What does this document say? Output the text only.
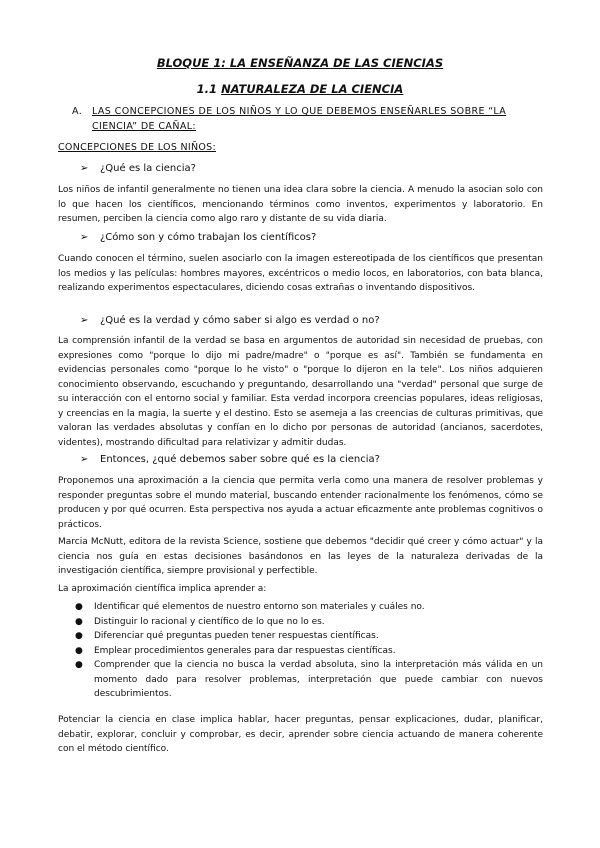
BLOQUE 1: LA ENSEÑANZA DE LAS CIENCIAS
1.1 NATURALEZA DE LA CIENCIA
A.	LAS CONCEPCIONES DE LOS NIÑOS Y LO QUE DEBEMOS ENSEÑARLES SOBRE “LA CIENCIA” DE CAÑAL:
CONCEPCIONES DE LOS NIÑOS:
➢ ¿Qué es la ciencia?
Los niños de infantil generalmente no tienen una idea clara sobre la ciencia. A menudo la asocian solo con lo que hacen los científicos, mencionando términos como inventos, experimentos y laboratorio. En resumen, perciben la ciencia como algo raro y distante de su vida diaria.
➢ ¿Cómo son y cómo trabajan los científicos?
Cuando conocen el término, suelen asociarlo con la imagen estereotipada de los científicos que presentan los medios y las películas: hombres mayores, excéntricos o medio locos, en laboratorios, con bata blanca, realizando experimentos espectaculares, diciendo cosas extrañas o inventando dispositivos.
➢ ¿Qué es la verdad y cómo saber si algo es verdad o no?
La comprensión infantil de la verdad se basa en argumentos de autoridad sin necesidad de pruebas, con expresiones como "porque lo dijo mi padre/madre" o "porque es así". También se fundamenta en evidencias personales como "porque lo he visto" o "porque lo dijeron en la tele". Los niños adquieren conocimiento observando, escuchando y preguntando, desarrollando una "verdad" personal que surge de su interacción con el entorno social y familiar. Esta verdad incorpora creencias populares, ideas religiosas, y creencias en la magia, la suerte y el destino. Esto se asemeja a las creencias de culturas primitivas, que valoran las verdades absolutas y confían en lo dicho por personas de autoridad (ancianos, sacerdotes, videntes), mostrando dificultad para relativizar y admitir dudas.
➢ Entonces, ¿qué debemos saber sobre qué es la ciencia?
Proponemos una aproximación a la ciencia que permita verla como una manera de resolver problemas y responder preguntas sobre el mundo material, buscando entender racionalmente los fenómenos, cómo se producen y por qué ocurren. Esta perspectiva nos ayuda a actuar eficazmente ante problemas cognitivos o prácticos.
Marcia McNutt, editora de la revista Science, sostiene que debemos "decidir qué creer y cómo actuar" y la ciencia nos guía en estas decisiones basándonos en las leyes de la naturaleza derivadas de la investigación científica, siempre provisional y perfectible.
La aproximación científica implica aprender a:
● Identificar qué elementos de nuestro entorno son materiales y cuáles no.
● Distinguir lo racional y científico de lo que no lo es.
● Diferenciar qué preguntas pueden tener respuestas científicas.
● Emplear procedimientos generales para dar respuestas científicas.
● Comprender que la ciencia no busca la verdad absoluta, sino la interpretación más válida en un momento dado para resolver problemas, interpretación que puede cambiar con nuevos descubrimientos.
Potenciar la ciencia en clase implica hablar, hacer preguntas, pensar explicaciones, dudar, planificar, debatir, explorar, concluir y comprobar, es decir, aprender sobre ciencia actuando de manera coherente con el método científico.
